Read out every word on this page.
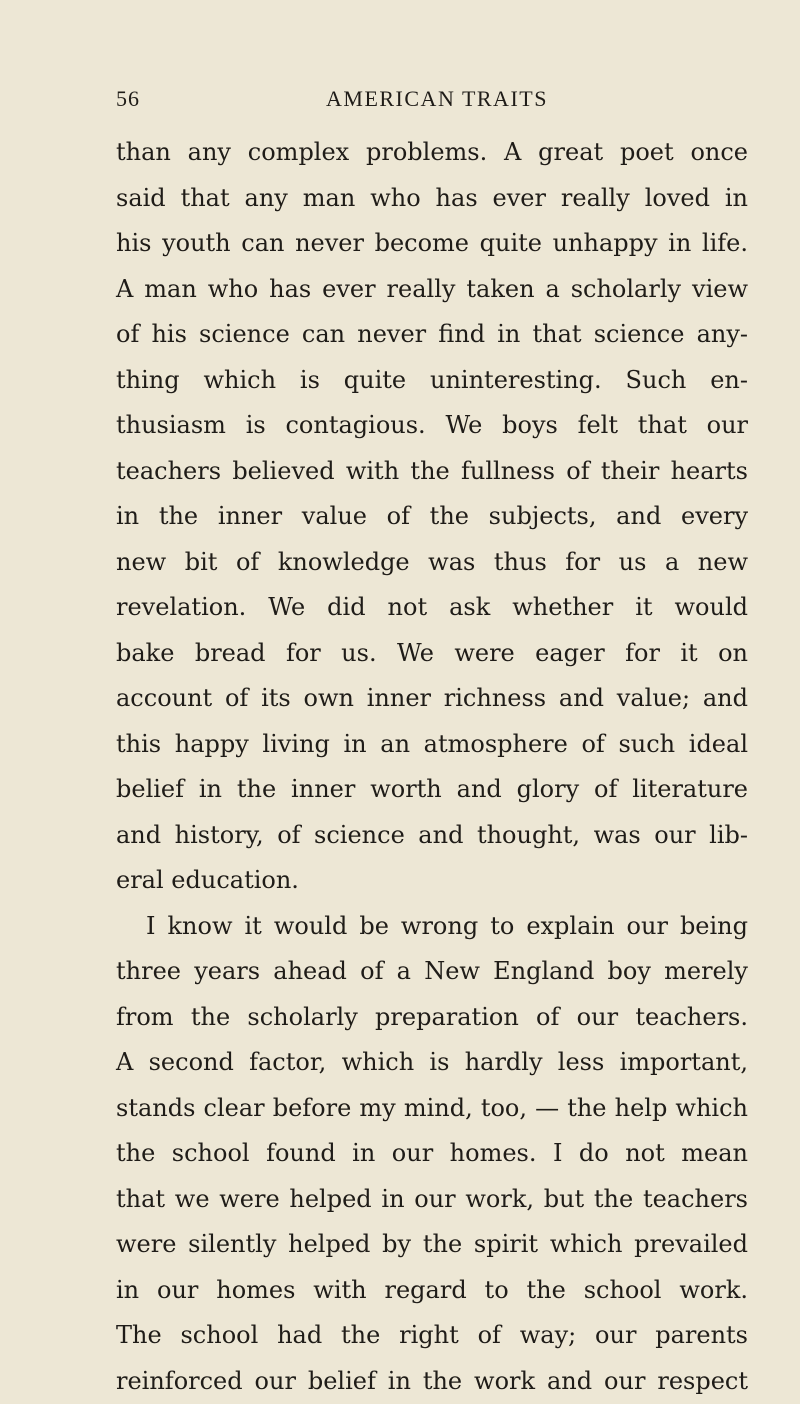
56	AMERICAN TRAITS
than any complex problems. A great poet once
said that any man who has ever really loved in
his youth can never become quite unhappy in life.
A man who has ever really taken a scholarly view
of his science can never find in that science any-
thing which is quite uninteresting. Such en-
thusiasm is contagious. We boys felt that our
teachers believed with the fullness of their hearts
in the inner value of the subjects, and every
new bit of knowledge was thus for us a new
revelation. We did not ask whether it would
bake bread for us. We were eager for it on
account of its own inner richness and value; and
this happy living in an atmosphere of such ideal
belief in the inner worth and glory of literature
and history, of science and thought, was our lib-
eral education.
I know it would be wrong to explain our being
three years ahead of a New England boy merely
from the scholarly preparation of our teachers.
A second factor, which is hardly less important,
stands clear before my mind, too, — the help which
the school found in our homes. I do not mean
that we were helped in our work, but the teachers
were silently helped by the spirit which prevailed
in our homes with regard to the school work.
The school had the right of way; our parents
reinforced our belief in the work and our respect
